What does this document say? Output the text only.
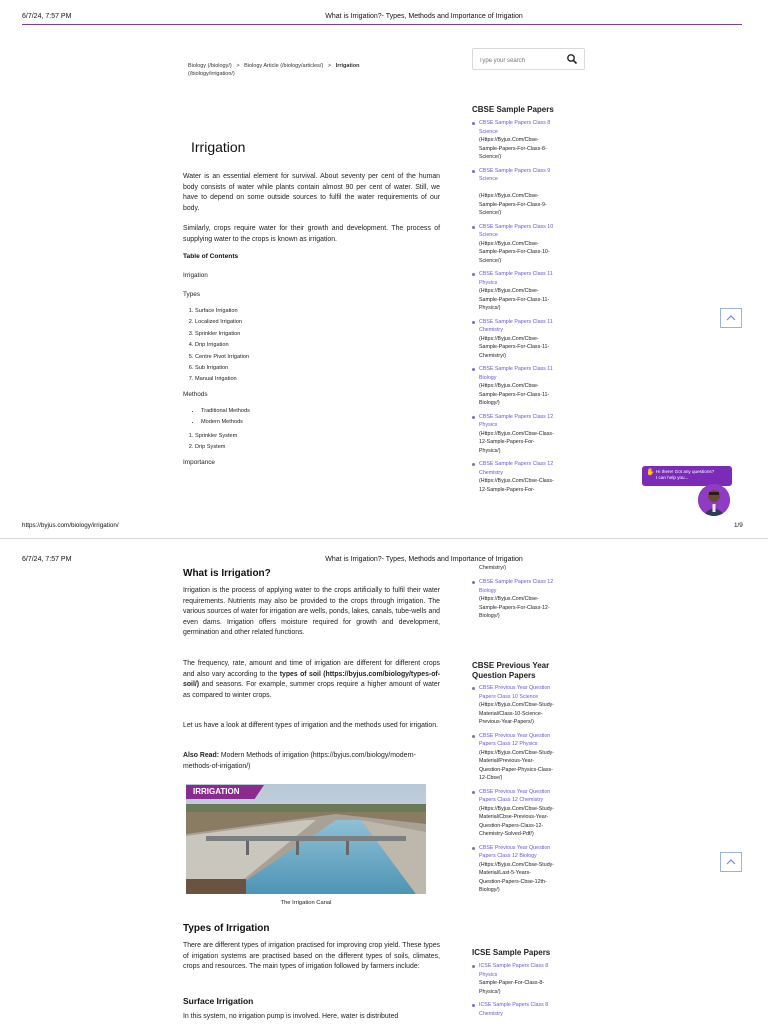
6/7/24, 7:57 PM	What is Irrigation?- Types, Methods and Importance of Irrigation
Biology (/biology/) > Biology Article (/biology/articles/) > Irrigation
(/biology/irrigation/)
Type your search
Irrigation
Water is an essential element for survival. About seventy per cent of the human body consists of water while plants contain almost 90 per cent of water. Still, we have to depend on some outside sources to fulfil the water requirements of our body.
Similarly, crops require water for their growth and development. The process of supplying water to the crops is known as irrigation.
Table of Contents
Irrigation
Types
1. Surface Irrigation
2. Localized Irrigation
3. Sprinkler Irrigation
4. Drip Irrigation
5. Centre Pivot Irrigation
6. Sub Irrigation
7. Manual Irrigation
Methods
• Traditional Methods
• Modern Methods
1. Sprinkler System
2. Drip System
Importance
CBSE Sample Papers
CBSE Sample Papers Class 8
Science
(Https://Byjus.Com/Cbse-
Sample-Papers-For-Class-8-
Science/)
CBSE Sample Papers Class 9
Science
(Https://Byjus.Com/Cbse-
Sample-Papers-For-Class-9-
Science/)
CBSE Sample Papers Class 10
Science
(Https://Byjus.Com/Cbse-
Sample-Papers-For-Class-10-
Science/)
CBSE Sample Papers Class 11
Physics
(Https://Byjus.Com/Cbse-
Sample-Papers-For-Class-11-
Physics/)
CBSE Sample Papers Class 11
Chemistry
(Https://Byjus.Com/Cbse-
Sample-Papers-For-Class-11-
Chemistry/)
CBSE Sample Papers Class 11
Biology
(Https://Byjus.Com/Cbse-
Sample-Papers-For-Class-11-
Biology/)
CBSE Sample Papers Class 12
Physics
(Https://Byjus.Com/Cbse-Class-
12-Sample-Papers-For-
Physics/)
CBSE Sample Papers Class 12
Chemistry
(Https://Byjus.Com/Cbse-Class-
12-Sample-Papers-For-
✋ Hi there! Got any questions?
I can help you...
https://byjus.com/biology/irrigation/	1/9
6/7/24, 7:57 PM	What is Irrigation?- Types, Methods and Importance of Irrigation
What is Irrigation?
Irrigation is the process of applying water to the crops artificially to fulfil their water requirements. Nutrients may also be provided to the crops through irrigation. The various sources of water for irrigation are wells, ponds, lakes, canals, tube-wells and even dams. Irrigation offers moisture required for growth and development, germination and other related functions.
The frequency, rate, amount and time of irrigation are different for different crops and also vary according to the types of soil (https://byjus.com/biology/types-of-soil/) and seasons. For example, summer crops require a higher amount of water as compared to winter crops.
Let us have a look at different types of irrigation and the methods used for irrigation.
Also Read: Modern Methods of irrigation (https://byjus.com/biology/modern-methods-of-irrigation/)
IRRIGATION
The Irrigation Canal
Types of Irrigation
There are different types of irrigation practised for improving crop yield. These types of irrigation systems are practised based on the different types of soils, climates, crops and resources. The main types of irrigation followed by farmers include:
Surface Irrigation
In this system, no irrigation pump is involved. Here, water is distributed
Chemistry/)
CBSE Sample Papers Class 12
Biology
(Https://Byjus.Com/Cbse-
Sample-Papers-For-Class-12-
Biology/)
CBSE Previous Year
Question Papers
CBSE Previous Year Question
Papers Class 10 Science
(Https://Byjus.Com/Cbse-Study-
Material/Class-10-Science-
Previous-Year-Papers/)
CBSE Previous Year Question
Papers Class 12 Physics
(Https://Byjus.Com/Cbse-Study-
Material/Previous-Year-
Question-Paper-Physics-Class-
12-Cbse/)
CBSE Previous Year Question
Papers Class 12 Chemistry
(Https://Byjus.Com/Cbse-Study-
Material/Cbse-Previous-Year-
Question-Papers-Class-12-
Chemistry-Solved-Pdf/)
CBSE Previous Year Question
Papers Class 12 Biology
(Https://Byjus.Com/Cbse-Study-
Material/Last-5-Years-
Question-Papers-Cbse-12th-
Biology/)
ICSE Sample Papers
ICSE Sample Papers Class 8
Physics
Sample-Paper-For-Class-8-
Physics/)
ICSE Sample Papers Class 8
Chemistry
